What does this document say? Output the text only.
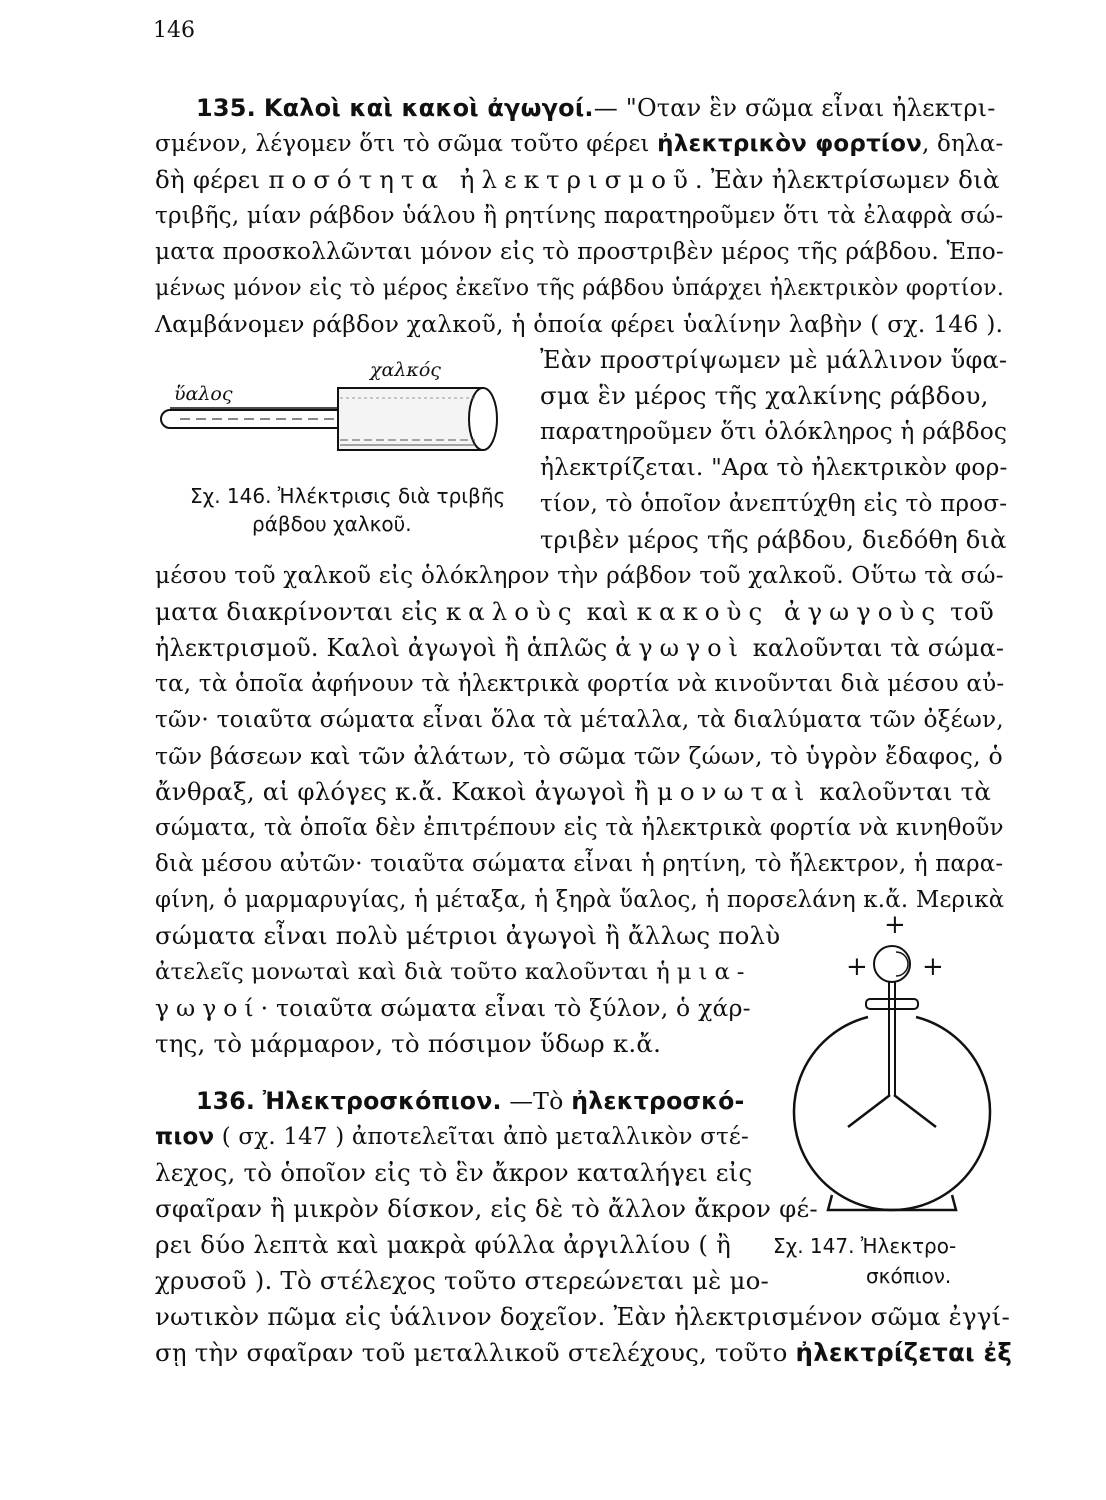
146
135. Καλοὶ καὶ κακοὶ ἀγωγοί.— "Οταν ἓν σῶμα εἶναι ἠλεκτρι-
σμένον, λέγομεν ὅτι τὸ σῶμα τοῦτο φέρει ἠλεκτρικὸν φορτίον, δηλα-
δὴ φέρει ποσότητα ἠλεκτρισμοῦ. Ἐὰν ἠλεκτρίσωμεν διὰ
τριβῆς, μίαν ράβδον ὑάλου ἢ ρητίνης παρατηροῦμεν ὅτι τὰ ἐλαφρὰ σώ-
ματα προσκολλῶνται μόνον εἰς τὸ προστριβὲν μέρος τῆς ράβδου. Ἑπο-
μένως μόνον εἰς τὸ μέρος ἐκεῖνο τῆς ράβδου ὑπάρχει ἠλεκτρικὸν φορτίον.
Λαμβάνομεν ράβδον χαλκοῦ, ἡ ὁποία φέρει ὑαλίνην λαβὴν ( σχ. 146 ).
Ἐὰν προστρίψωμεν μὲ μάλλινον ὕφα-
σμα ἓν μέρος τῆς χαλκίνης ράβδου,
παρατηροῦμεν ὅτι ὁλόκληρος ἡ ράβδος
ἠλεκτρίζεται. "Αρα τὸ ἠλεκτρικὸν φορ-
τίον, τὸ ὁποῖον ἀνεπτύχθη εἰς τὸ προσ-
τριβὲν μέρος τῆς ράβδου, διεδόθη διὰ
ὕαλος
χαλκός
Σχ. 146. Ἠλέκτρισις διὰ τριβῆς
ράβδου χαλκοῦ.
μέσου τοῦ χαλκοῦ εἰς ὁλόκληρον τὴν ράβδον τοῦ χαλκοῦ. Οὕτω τὰ σώ-
ματα διακρίνονται εἰς καλοὺς καὶ κακοὺς ἀγωγοὺς τοῦ
ἠλεκτρισμοῦ. Καλοὶ ἀγωγοὶ ἢ ἁπλῶς ἀγωγοὶ καλοῦνται τὰ σώμα-
τα, τὰ ὁποῖα ἀφήνουν τὰ ἠλεκτρικὰ φορτία νὰ κινοῦνται διὰ μέσου αὐ-
τῶν· τοιαῦτα σώματα εἶναι ὅλα τὰ μέταλλα, τὰ διαλύματα τῶν ὀξέων,
τῶν βάσεων καὶ τῶν ἀλάτων, τὸ σῶμα τῶν ζώων, τὸ ὑγρὸν ἔδαφος, ὁ
ἄνθραξ, αἱ φλόγες κ.ἄ. Κακοὶ ἀγωγοὶ ἢ μονωταὶ καλοῦνται τὰ
σώματα, τὰ ὁποῖα δὲν ἐπιτρέπουν εἰς τὰ ἠλεκτρικὰ φορτία νὰ κινηθοῦν
διὰ μέσου αὐτῶν· τοιαῦτα σώματα εἶναι ἡ ρητίνη, τὸ ἤλεκτρον, ἡ παρα-
φίνη, ὁ μαρμαρυγίας, ἡ μέταξα, ἡ ξηρὰ ὕαλος, ἡ πορσελάνη κ.ἄ. Μερικὰ
σώματα εἶναι πολὺ μέτριοι ἀγωγοὶ ἢ ἄλλως πολὺ
ἀτελεῖς μονωταὶ καὶ διὰ τοῦτο καλοῦνται ἡμια-
γωγοί· τοιαῦτα σώματα εἶναι τὸ ξύλον, ὁ χάρ-
της, τὸ μάρμαρον, τὸ πόσιμον ὕδωρ κ.ἄ.
+
+ +
136. Ἠλεκτροσκόπιον. —Τὸ ἠλεκτροσκό-
πιον ( σχ. 147 ) ἀποτελεῖται ἀπὸ μεταλλικὸν στέ-
λεχος, τὸ ὁποῖον εἰς τὸ ἓν ἄκρον καταλήγει εἰς
σφαῖραν ἢ μικρὸν δίσκον, εἰς δὲ τὸ ἄλλον ἄκρον φέ-
ρει δύο λεπτὰ καὶ μακρὰ φύλλα ἀργιλλίου ( ἢ Σχ. 147. Ἠλεκτρο-
χρυσοῦ ). Τὸ στέλεχος τοῦτο στερεώνεται μὲ μο-	σκόπιον.
νωτικὸν πῶμα εἰς ὑάλινον δοχεῖον. Ἐὰν ἠλεκτρισμένον σῶμα ἐγγί-
σῃ τὴν σφαῖραν τοῦ μεταλλικοῦ στελέχους, τοῦτο ἠλεκτρίζεται ἐξ
